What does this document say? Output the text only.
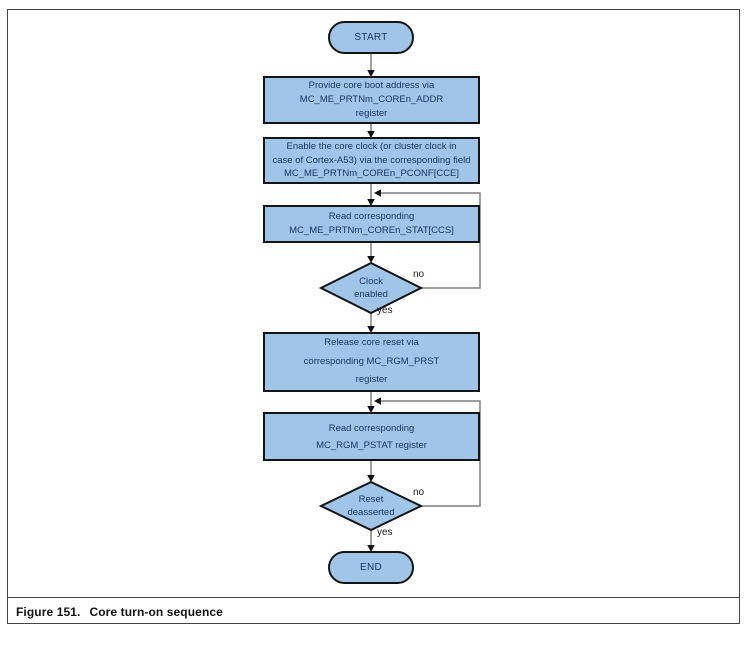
START
Provide core boot address via
MC_ME_PRTNm_COREn_ADDR
register
Enable the core clock (or cluster clock in
case of Cortex-A53) via the corresponding field
MC_ME_PRTNm_COREn_PCONF[CCE]
Read corresponding
MC_ME_PRTNm_COREn_STAT[CCS]
Clock
enabled
Release core reset via
corresponding MC_RGM_PRST
register
Read corresponding
MC_RGM_PSTAT register
Reset
deasserted
END
no
yes
no
yes
Figure 151. Core turn-on sequence
